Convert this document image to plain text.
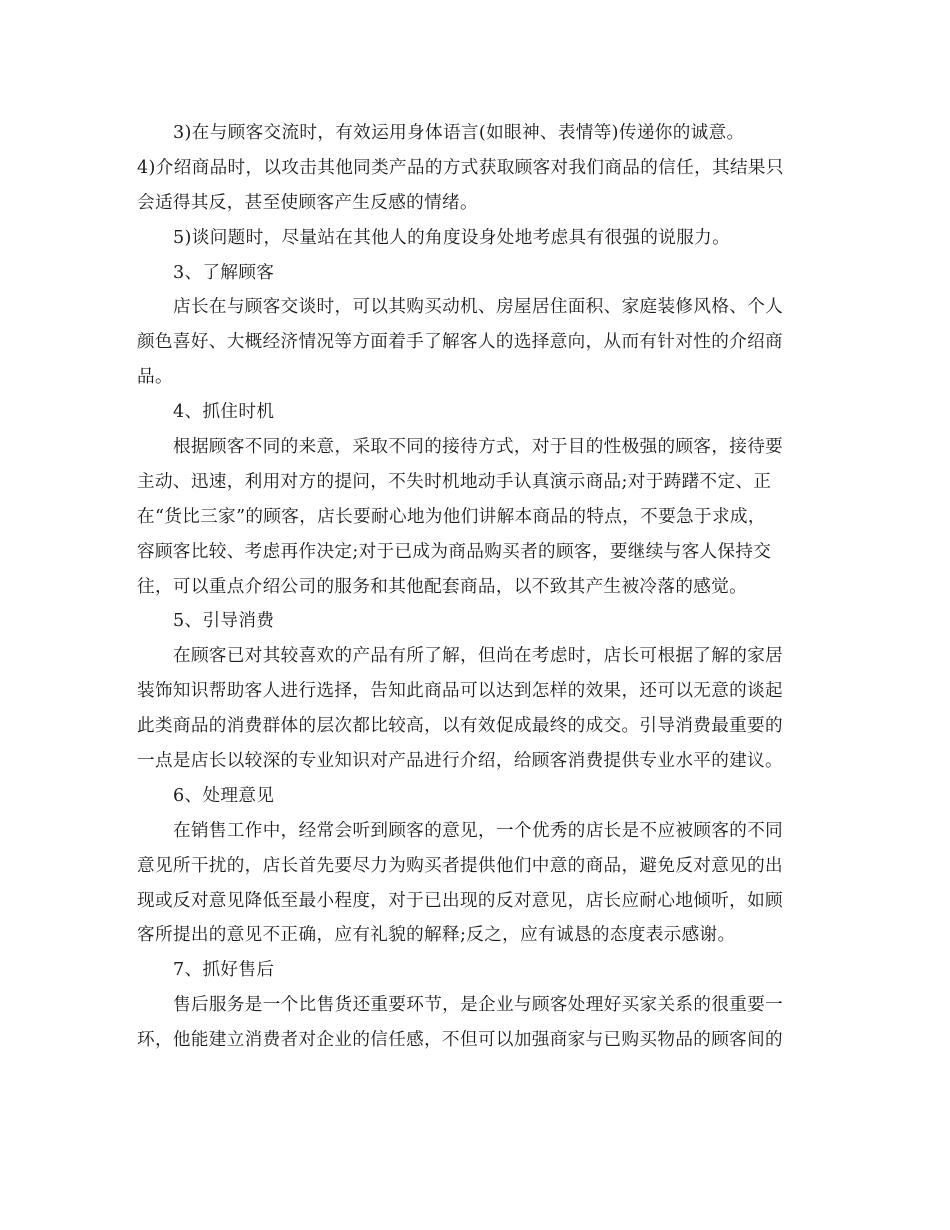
3)在与顾客交流时，有效运用身体语言(如眼神、表情等)传递你的诚意。
4)介绍商品时，以攻击其他同类产品的方式获取顾客对我们商品的信任，其结果只
会适得其反，甚至使顾客产生反感的情绪。
5)谈问题时，尽量站在其他人的角度设身处地考虑具有很强的说服力。
3、了解顾客
店长在与顾客交谈时，可以其购买动机、房屋居住面积、家庭装修风格、个人
颜色喜好、大概经济情况等方面着手了解客人的选择意向，从而有针对性的介绍商
品。
4、抓住时机
根据顾客不同的来意，采取不同的接待方式，对于目的性极强的顾客，接待要
主动、迅速，利用对方的提问，不失时机地动手认真演示商品;对于踌躇不定、正
在“货比三家”的顾客，店长要耐心地为他们讲解本商品的特点，不要急于求成，
容顾客比较、考虑再作决定;对于已成为商品购买者的顾客，要继续与客人保持交
往，可以重点介绍公司的服务和其他配套商品，以不致其产生被冷落的感觉。
5、引导消费
在顾客已对其较喜欢的产品有所了解，但尚在考虑时，店长可根据了解的家居
装饰知识帮助客人进行选择，告知此商品可以达到怎样的效果，还可以无意的谈起
此类商品的消费群体的层次都比较高，以有效促成最终的成交。引导消费最重要的
一点是店长以较深的专业知识对产品进行介绍，给顾客消费提供专业水平的建议。
6、处理意见
在销售工作中，经常会听到顾客的意见，一个优秀的店长是不应被顾客的不同
意见所干扰的，店长首先要尽力为购买者提供他们中意的商品，避免反对意见的出
现或反对意见降低至最小程度，对于已出现的反对意见，店长应耐心地倾听，如顾
客所提出的意见不正确，应有礼貌的解释;反之，应有诚恳的态度表示感谢。
7、抓好售后
售后服务是一个比售货还重要环节，是企业与顾客处理好买家关系的很重要一
环，他能建立消费者对企业的信任感，不但可以加强商家与已购买物品的顾客间的
